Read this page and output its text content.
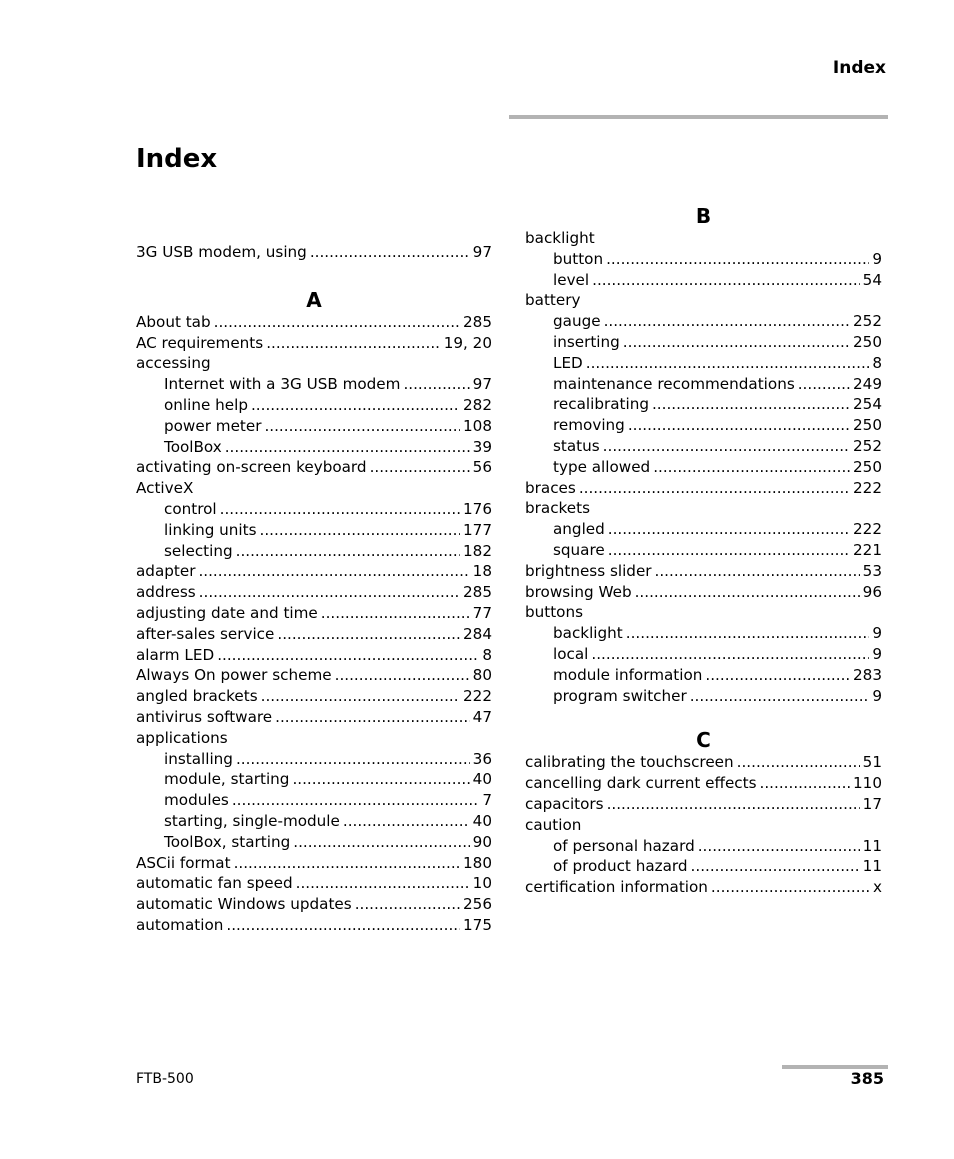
Index
Index
3G USB modem, using .....	97
A
About tab .....	285
AC requirements .....	19, 20
accessing
Internet with a 3G USB modem .....	97
online help .....	282
power meter .....	108
ToolBox .....	39
activating on-screen keyboard .....	56
ActiveX
control .....	176
linking units .....	177
selecting .....	182
adapter .....	18
address .....	285
adjusting date and time .....	77
after-sales service .....	284
alarm LED .....	8
Always On power scheme .....	80
angled brackets .....	222
antivirus software .....	47
applications
installing .....	36
module, starting .....	40
modules .....	7
starting, single-module .....	40
ToolBox, starting .....	90
ASCii format .....	180
automatic fan speed .....	10
automatic Windows updates .....	256
automation .....	175
B
backlight
button .....	9
level .....	54
battery
gauge .....	252
inserting .....	250
LED .....	8
maintenance recommendations .....	249
recalibrating .....	254
removing .....	250
status .....	252
type allowed .....	250
braces .....	222
brackets
angled .....	222
square .....	221
brightness slider .....	53
browsing Web .....	96
buttons
backlight .....	9
local .....	9
module information .....	283
program switcher .....	9
C
calibrating the touchscreen .....	51
cancelling dark current effects .....	110
capacitors .....	17
caution
of personal hazard .....	11
of product hazard .....	11
certification information .....	x
FTB-500	385
